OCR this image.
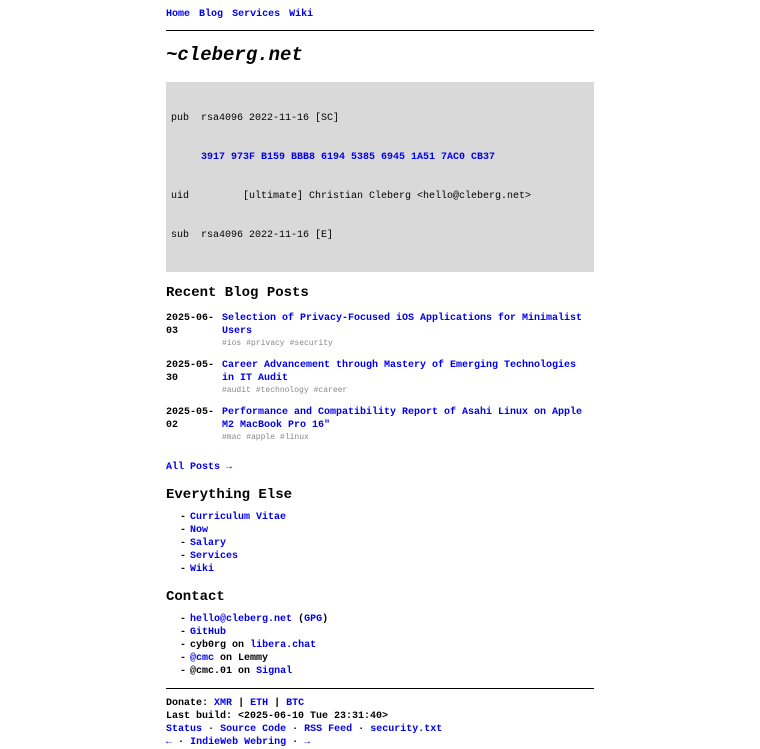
Home Blog Services Wiki
~cleberg.net

pub rsa4096 2022-11-16 [SC]

3917 973F B159 BBB8 6194 5385 6945 1A51 7AC0 CB37

uid	[ultimate] Christian Cleberg <hello@cleberg.net>

sub rsa4096 2022-11-16 [E]

Recent Blog Posts
2025-06-03
Selection of Privacy-Focused iOS Applications for Minimalist Users
#ios #privacy #security
2025-05-30
Career Advancement through Mastery of Emerging Technologies in IT Audit
#audit #technology #career
2025-05-02
Performance and Compatibility Report of Asahi Linux on Apple M2 MacBook Pro 16"
#mac #apple #linux
All Posts →
Everything Else
- Curriculum Vitae
- Now
- Salary
- Services
- Wiki
Contact
- hello@cleberg.net (GPG)
- GitHub
- cyb0rg on libera.chat
- @cmc on Lemmy
- @cmc.01 on Signal
Donate: XMR | ETH | BTC
Last build: <2025-06-10 Tue 23:31:40>
Status · Source Code · RSS Feed · security.txt
← · IndieWeb Webring · →
